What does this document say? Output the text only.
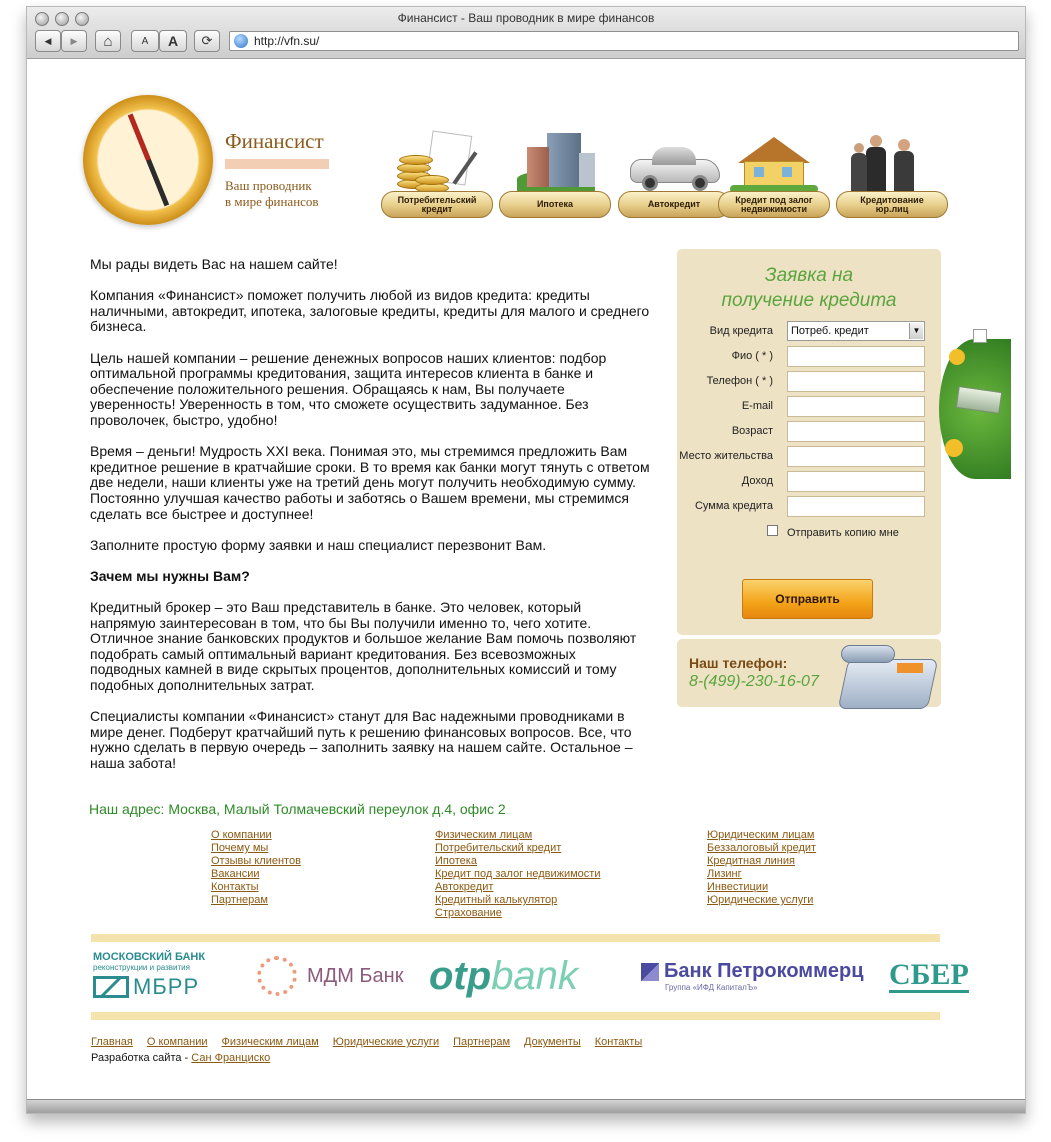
Финансист - Ваш проводник в мире финансов
◀ ▶ ⌂	A A ⟳	http://vfn.su/
Финансист
Ваш проводник
в мире финансов	Потребительский кредит	Ипотека	Автокредит	Кредит под залог недвижимости
Кредитование юр.лиц

Мы рады видеть Вас на нашем сайте!

Компания «Финансист» поможет получить любой из видов кредита: кредиты наличными, автокредит, ипотека, залоговые кредиты, кредиты для малого и среднего бизнеса.

Цель нашей компании – решение денежных вопросов наших клиентов: подбор оптимальной программы кредитования, защита интересов клиента в банке и обеспечение положительного решения. Обращаясь к нам, Вы получаете уверенность! Уверенность в том, что сможете осуществить задуманное. Без проволочек, быстро, удобно!

Время – деньги! Мудрость XXI века. Понимая это, мы стремимся предложить Вам кредитное решение в кратчайшие сроки. В то время как банки могут тянуть с ответом две недели, наши клиенты уже на третий день могут получить необходимую сумму. Постоянно улучшая качество работы и заботясь о Вашем времени, мы стремимся сделать все быстрее и доступнее!

Заполните простую форму заявки и наш специалист перезвонит Вам.

Зачем мы нужны Вам?

Кредитный брокер – это Ваш представитель в банке. Это человек, который напрямую заинтересован в том, что бы Вы получили именно то, чего хотите. Отличное знание банковских продуктов и большое желание Вам помочь позволяют подобрать самый оптимальный вариант кредитования. Без всевозможных подводных камней в виде скрытых процентов, дополнительных комиссий и тому подобных дополнительных затрат.

Специалисты компании «Финансист» станут для Вас надежными проводниками в мире денег. Подберут кратчайший путь к решению финансовых вопросов. Все, что нужно сделать в первую очередь – заполнить заявку на нашем сайте. Остальное – наша забота!

Наш адрес: Москва, Малый Толмачевский переулок д.4, офис 2
Заявка на
получение кредита
Вид кредита	Потреб. кредит	▼
Фио ( * )
Телефон ( * )
E-mail
Возраст
Место жительства
Доход
Сумма кредита
Отправить копию мне
Отправить
Наш телефон:
8-(499)-230-16-07
О компании
Почему мы
Отзывы клиентов
Вакансии
Контакты
Партнерам
Физическим лицам
Потребительский кредит
Ипотека
Кредит под залог недвижимости
Автокредит
Кредитный калькулятор
Страхование
Юридическим лицам
Беззалоговый кредит
Кредитная линия
Лизинг
Инвестиции
Юридические услуги
МОСКОВСКИЙ БАНК
реконструкции и развития
МБРР	МДМ Банк otp bank	Банк Петрокоммерц
Группа «ИФД КапиталЪ»	СБЕР
Главная О компании Физическим лицам Юридические услуги Партнерам Документы Контакты
Разработка сайта - Сан Франциско
